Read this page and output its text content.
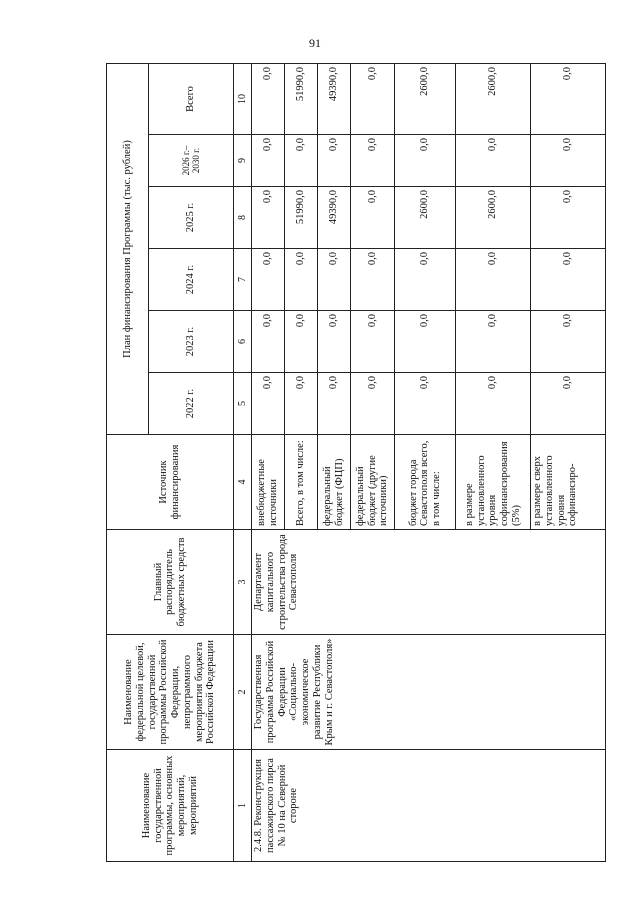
91
Наименование государственной программы, основных мероприятий, мероприятий	Наименование федеральной целевой, государственной программы Российской Федерации, непрограммного мероприятия бюджета Российской Федерации	Главный распорядитель бюджетных средств	Источник финансирования	План финансирования Программы (тыс. рублей)					
				2022 г.	2023 г.	2024 г.	2025 г.	2026 г.– 2030 г.	Всего
1	2	3	4	5	6	7	8	9	10
2.4.8. Реконструкция пассажирского пирса № 10 на Северной стороне	Государственная программа Российской Федерации «Социально-экономическое развитие Республики Крым и г. Севастополя»	Департамент капитального строительства города Севастополя	внебюджетные источники	0,0	0,0	0,0	0,0	0,0	0,0
			Всего, в том числе:	0,0	0,0	0,0	51990,0	0,0	51990,0
			федеральный бюджет (ФЦП)	0,0	0,0	0,0	49390,0	0,0	49390,0
			федеральный бюджет (другие источники)	0,0	0,0	0,0	0,0	0,0	0,0
			бюджет города Севастополя всего, в том числе:	0,0	0,0	0,0	2600,0	0,0	2600,0
			в размере установленного уровня софинансирования (5%)	0,0	0,0	0,0	2600,0	0,0	2600,0
			в размере сверх установленного уровня софинансиро-	0,0	0,0	0,0	0,0	0,0	0,0
